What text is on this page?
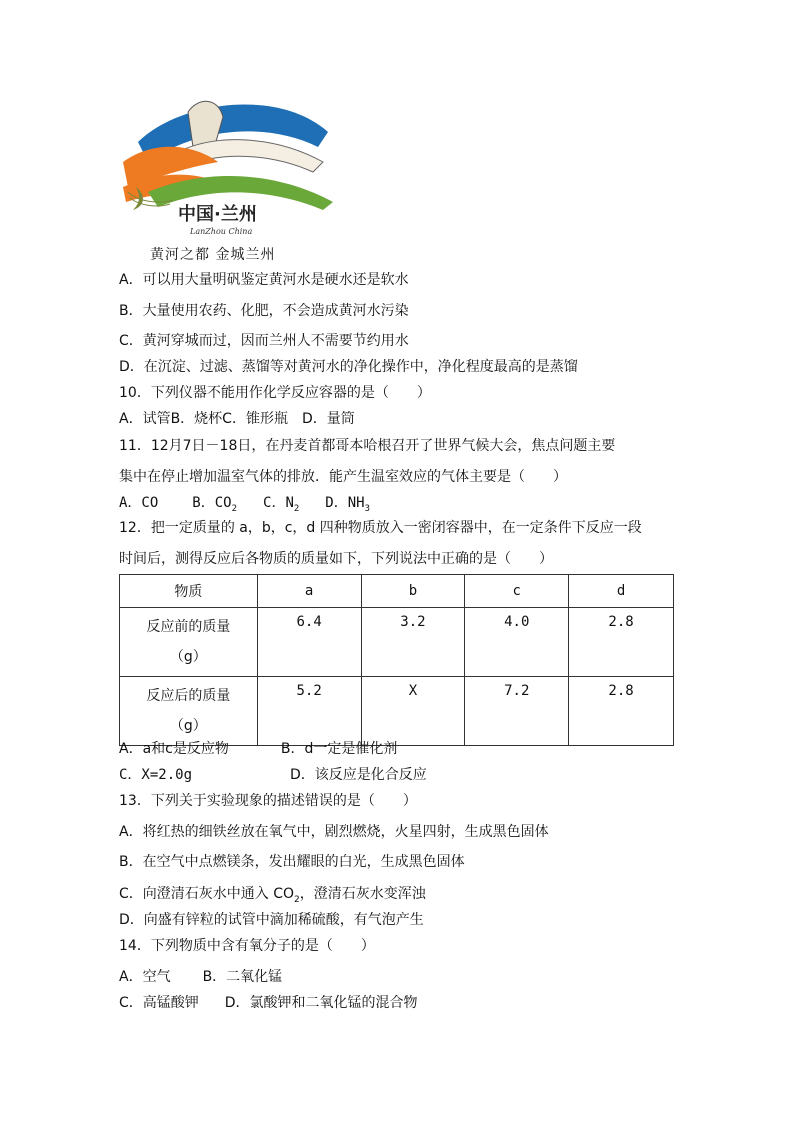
中国·兰州
LanZhou China
黄河之都 金城兰州
A．可以用大量明矾鉴定黄河水是硬水还是软水
B．大量使用农药、化肥，不会造成黄河水污染
C．黄河穿城而过，因而兰州人不需要节约用水
D．在沉淀、过滤、蒸馏等对黄河水的净化操作中，净化程度最高的是蒸馏
10．下列仪器不能用作化学反应容器的是（　　）
A．试管B．烧杯C．锥形瓶　D．量筒
11．12月7日－18日，在丹麦首都哥本哈根召开了世界气候大会，焦点问题主要
集中在停止增加温室气体的排放．能产生温室效应的气体主要是（　　）
A．CO B．$CO_2$ C．$N_2$ D．$NH_3$
12．把一定质量的 a，b，c，d 四种物质放入一密闭容器中，在一定条件下反应一段
时间后，测得反应后各物质的质量如下，下列说法中正确的是（　　）
物质	a	b	c	d

反应前的质量
（g）	6.4	3.2	4.0	2.8

反应后的质量
（g）	5.2	X	7.2	2.8
A．a和c是反应物	B．d一定是催化剂
C．X=2.0g	D．该反应是化合反应
13．下列关于实验现象的描述错误的是（　　）
A．将红热的细铁丝放在氧气中，剧烈燃烧，火星四射，生成黑色固体
B．在空气中点燃镁条，发出耀眼的白光，生成黑色固体
C．向澄清石灰水中通入 $CO_2$，澄清石灰水变浑浊
D．向盛有锌粒的试管中滴加稀硫酸，有气泡产生
14．下列物质中含有氧分子的是（　　）
A．空气 B．二氧化锰
C．高锰酸钾 D．氯酸钾和二氧化锰的混合物
